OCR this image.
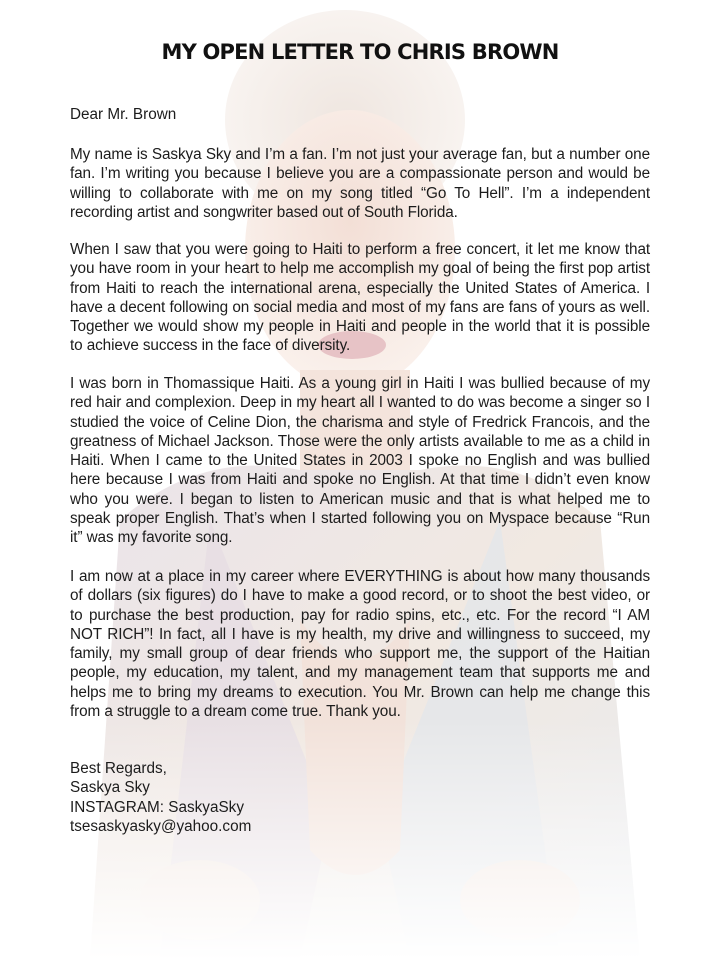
MY OPEN LETTER TO CHRIS BROWN

Dear Mr. Brown

My name is Saskya Sky and I’m a fan. I’m not just your average fan, but a number one fan. I’m writing you because I believe you are a compassionate person and would be willing to collaborate with me on my song titled “Go To Hell”. I’m a independent recording artist and songwriter based out of South Florida.

When I saw that you were going to Haiti to perform a free concert, it let me know that you have room in your heart to help me accomplish my goal of being the first pop artist from Haiti to reach the international arena, especially the United States of America. I have a decent following on social media and most of my fans are fans of yours as well. Together we would show my people in Haiti and people in the world that it is possible to achieve success in the face of diversity.

I was born in Thomassique Haiti. As a young girl in Haiti I was bullied because of my red hair and complexion. Deep in my heart all I wanted to do was become a singer so I studied the voice of Celine Dion, the charisma and style of Fredrick Francois, and the greatness of Michael Jackson. Those were the only artists available to me as a child in Haiti. When I came to the United States in 2003 I spoke no English and was bullied here because I was from Haiti and spoke no English. At that time I didn’t even know who you were. I began to listen to American music and that is what helped me to speak proper English. That’s when I started following you on Myspace because “Run it” was my favorite song.

I am now at a place in my career where EVERYTHING is about how many thousands of dollars (six figures) do I have to make a good record, or to shoot the best video, or to purchase the best production, pay for radio spins, etc., etc. For the record “I AM NOT RICH”! In fact, all I have is my health, my drive and willingness to succeed, my family, my small group of dear friends who support me, the support of the Haitian people, my education, my talent, and my management team that supports me and helps me to bring my dreams to execution. You Mr. Brown can help me change this from a struggle to a dream come true. Thank you.

Best Regards,
Saskya Sky
INSTAGRAM: SaskyaSky
tsesaskyasky@yahoo.com
